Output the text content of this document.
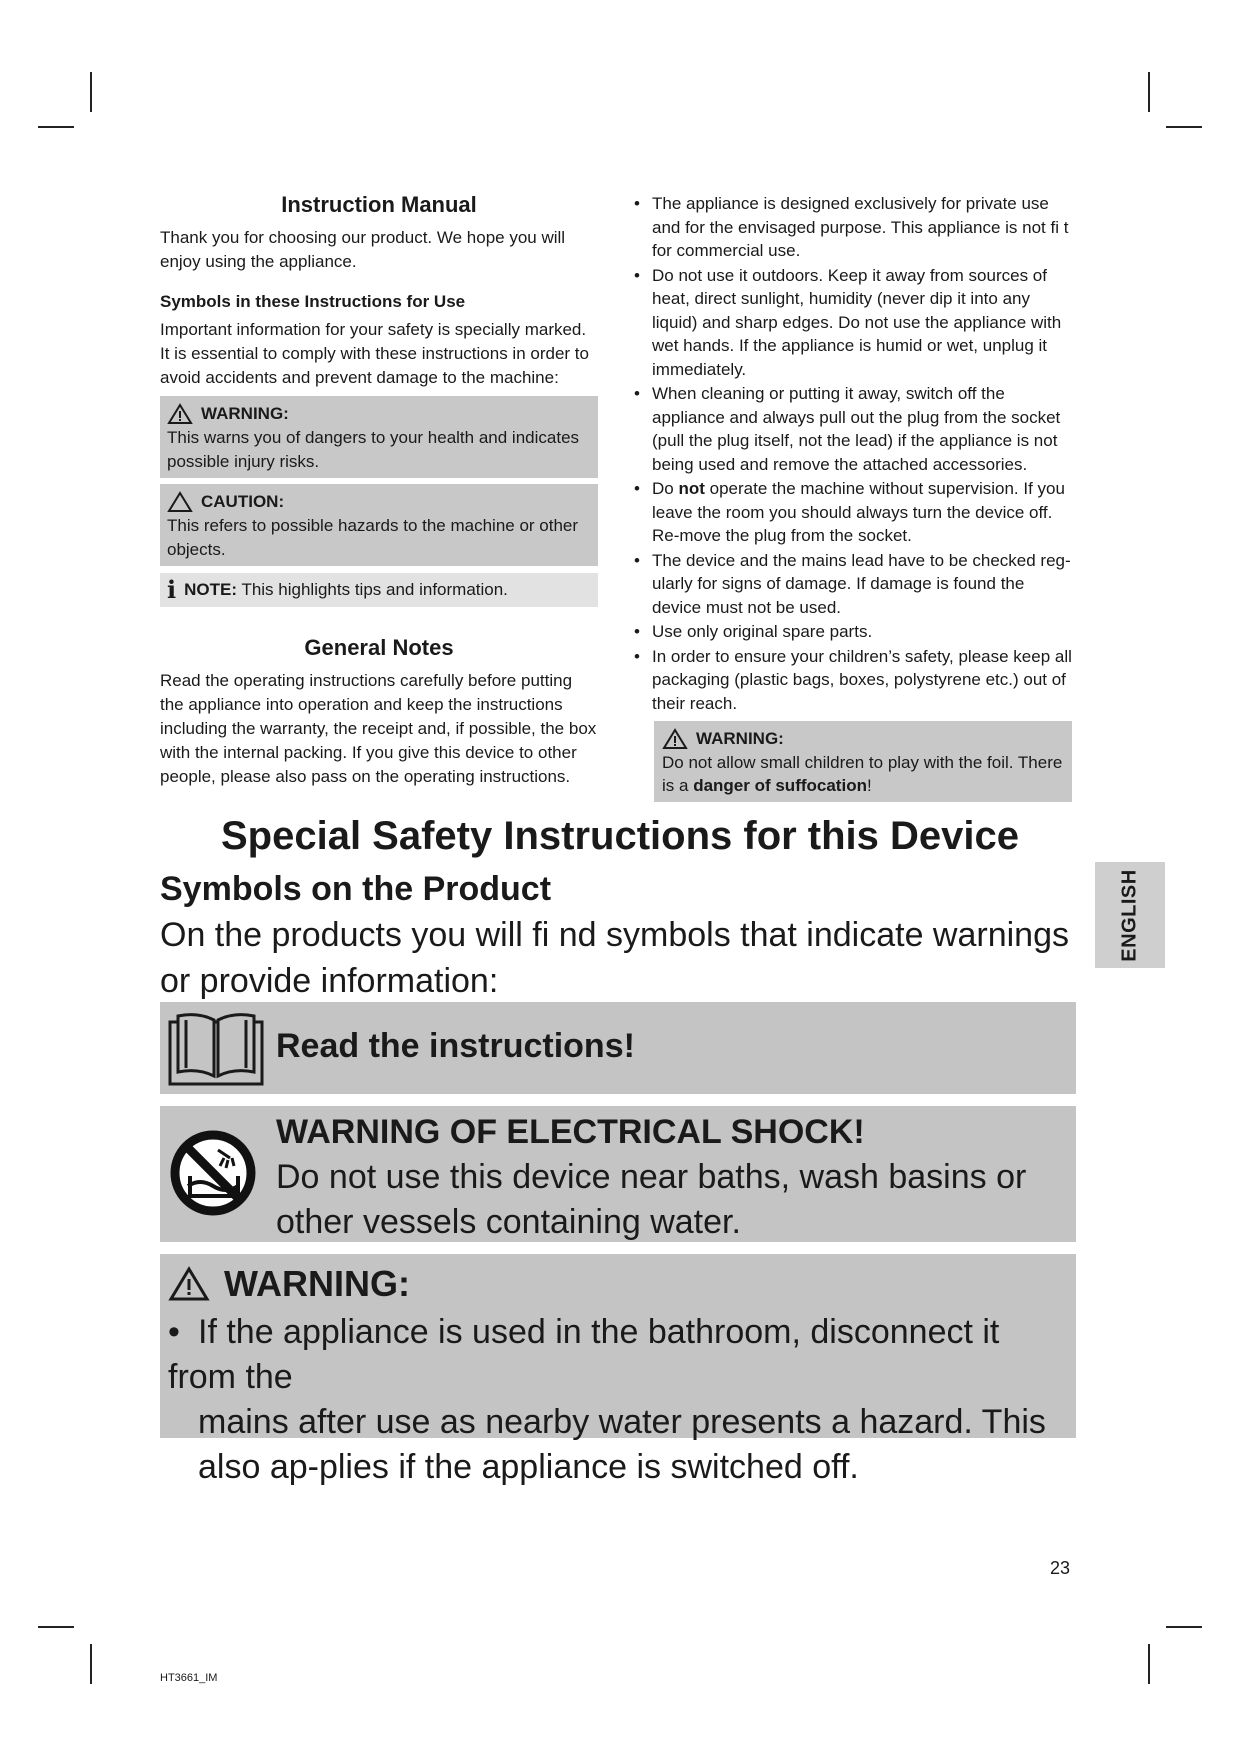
ENGLISH
Instruction Manual

Thank you for choosing our product. We hope you will enjoy using the appliance.

Symbols in these Instructions for Use

Important information for your safety is specially marked. It is essential to comply with these instructions in order to avoid accidents and prevent damage to the machine:

WARNING:
This warns you of dangers to your health and indicates possible injury risks.
CAUTION:
This refers to possible hazards to the machine or other objects.
i NOTE: This highlights tips and information.
General Notes

Read the operating instructions carefully before putting the appliance into operation and keep the instructions including the warranty, the receipt and, if possible, the box with the internal packing. If you give this device to other people, please also pass on the operating instructions.

• The appliance is designed exclusively for private use and for the envisaged purpose. This appliance is not fi t for commercial use.
• Do not use it outdoors. Keep it away from sources of heat, direct sunlight, humidity (never dip it into any liquid) and sharp edges. Do not use the appliance with wet hands. If the appliance is humid or wet, unplug it immediately.
• When cleaning or putting it away, switch off the appliance and always pull out the plug from the socket (pull the plug itself, not the lead) if the appliance is not being used and remove the attached accessories.
• Do not operate the machine without supervision. If you leave the room you should always turn the device off. Re-move the plug from the socket.
• The device and the mains lead have to be checked reg-ularly for signs of damage. If damage is found the device must not be used.
• Use only original spare parts.
• In order to ensure your children’s safety, please keep all packaging (plastic bags, boxes, polystyrene etc.) out of their reach.
WARNING:
Do not allow small children to play with the foil. There is a danger of suffocation!
Special Safety Instructions for this Device
Symbols on the Product
On the products you will fi nd symbols that indicate warnings or provide information:
Read the instructions!
WARNING OF ELECTRICAL SHOCK!
Do not use this device near baths, wash basins or other vessels containing water.
WARNING:
• If the appliance is used in the bathroom, disconnect it from the
mains after use as nearby water presents a hazard. This also ap-plies if the appliance is switched off.
23
HT3661_IM
